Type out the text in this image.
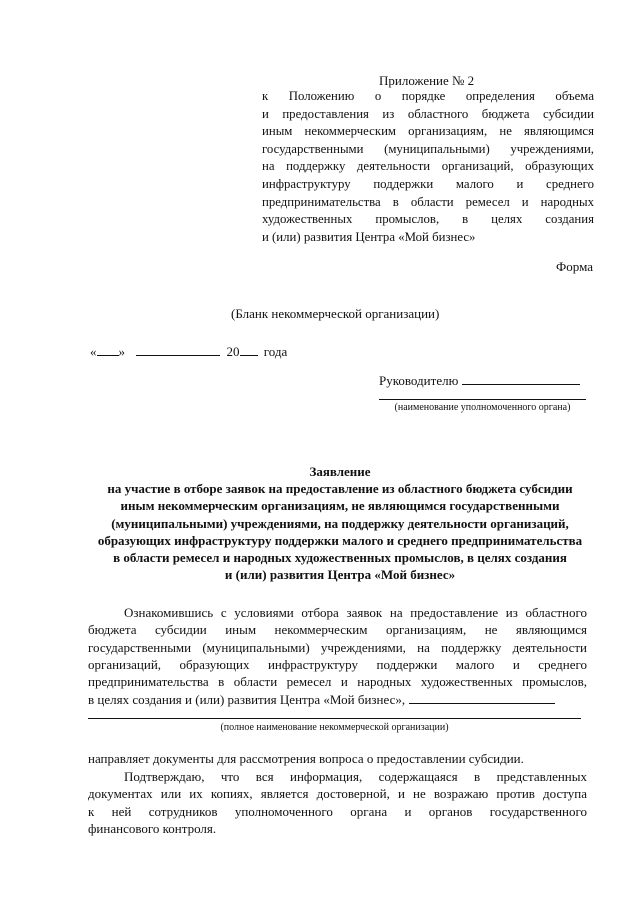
Приложение № 2
к Положению о порядке определения объема
и предоставления из областного бюджета субсидии
иным некоммерческим организациям, не являющимся
государственными (муниципальными) учреждениями,
на поддержку деятельности организаций, образующих
инфраструктуру поддержки малого и среднего
предпринимательства в области ремесел и народных
художественных промыслов, в целях создания
и (или) развития Центра «Мой бизнес»
Форма
(Бланк некоммерческой организации)
« »	20 года
Руководителю
(наименование уполномоченного органа)
Заявление
на участие в отборе заявок на предоставление из областного бюджета субсидии
иным некоммерческим организациям, не являющимся государственными
(муниципальными) учреждениями, на поддержку деятельности организаций,
образующих инфраструктуру поддержки малого и среднего предпринимательства
в области ремесел и народных художественных промыслов, в целях создания
и (или) развития Центра «Мой бизнес»
Ознакомившись с условиями отбора заявок на предоставление из областного
бюджета субсидии иным некоммерческим организациям, не являющимся
государственными (муниципальными) учреждениями, на поддержку деятельности
организаций, образующих инфраструктуру поддержки малого и среднего
предпринимательства в области ремесел и народных художественных промыслов,
в целях создания и (или) развития Центра «Мой бизнес»,
(полное наименование некоммерческой организации)
направляет документы для рассмотрения вопроса о предоставлении субсидии.
Подтверждаю, что вся информация, содержащаяся в представленных
документах или их копиях, является достоверной, и не возражаю против доступа
к ней сотрудников уполномоченного органа и органов государственного
финансового контроля.
